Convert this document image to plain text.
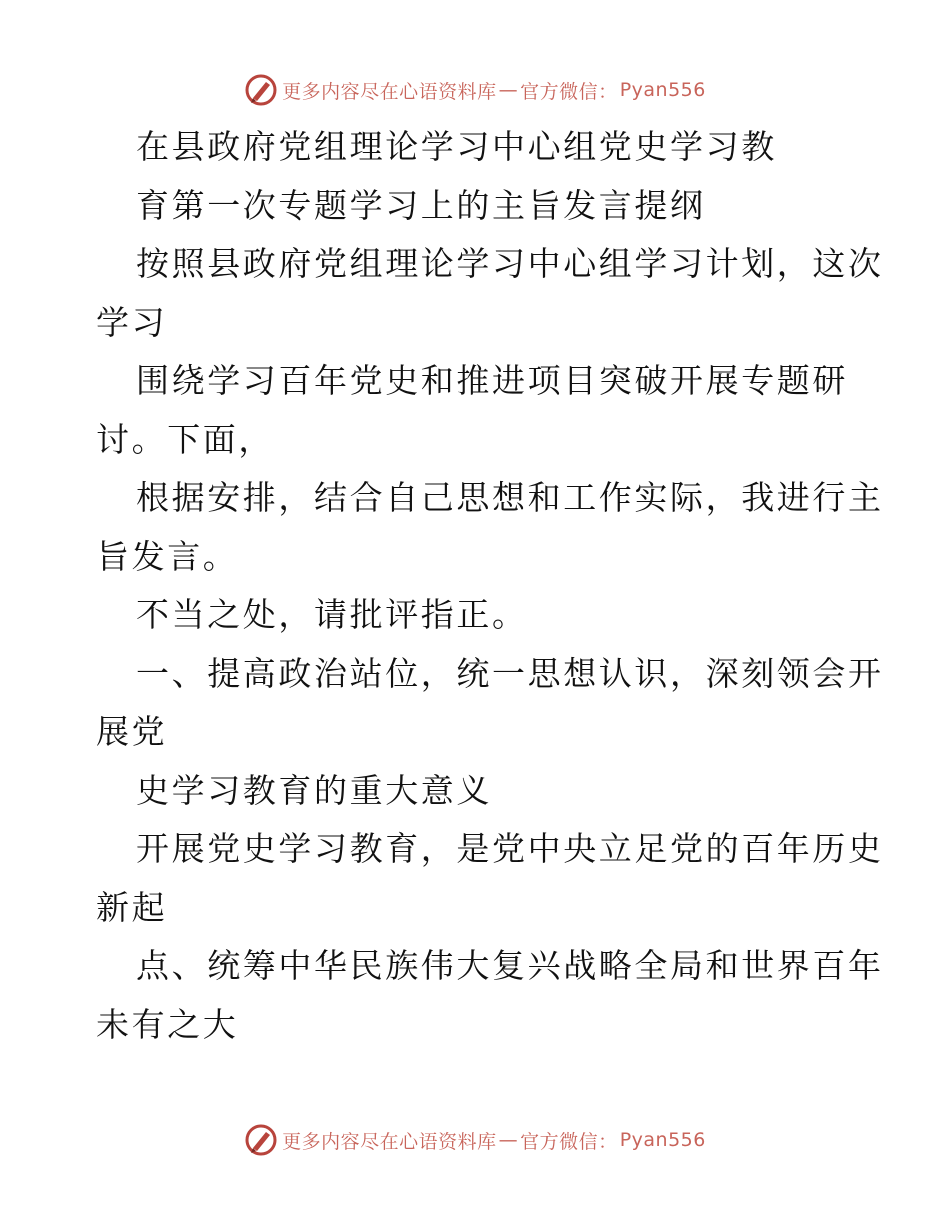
更多内容尽在心语资料库 — 官方微信： Pyan556
在县政府党组理论学习中心组党史学习教
育第一次专题学习上的主旨发言提纲
按照县政府党组理论学习中心组学习计划，这次
学习
围绕学习百年党史和推进项目突破开展专题研
讨。下面，
根据安排，结合自己思想和工作实际，我进行主
旨发言。
不当之处，请批评指正。
一、提高政治站位，统一思想认识，深刻领会开
展党
史学习教育的重大意义
开展党史学习教育，是党中央立足党的百年历史
新起
点、统筹中华民族伟大复兴战略全局和世界百年
未有之大
更多内容尽在心语资料库 — 官方微信： Pyan556
